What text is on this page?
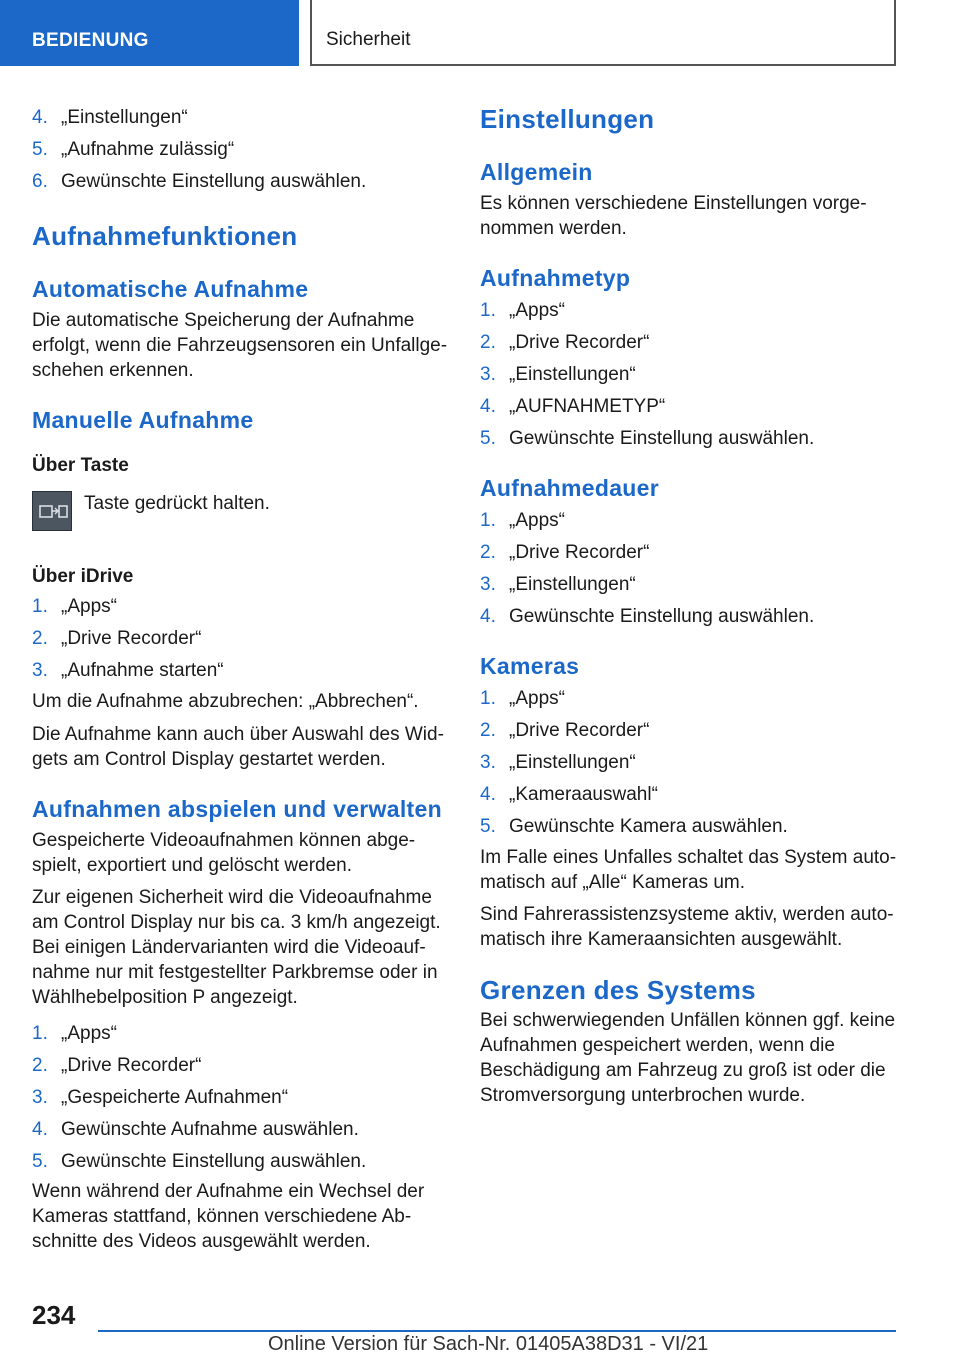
BEDIENUNG	Sicherheit
4. „Einstellungen“
5. „Aufnahme zulässig“
6. Gewünschte Einstellung auswählen.
Aufnahmefunktionen
Automatische Aufnahme

Die automatische Speicherung der Aufnahme erfolgt, wenn die Fahrzeugsensoren ein Unfallgeschehen erkennen.

Manuelle Aufnahme
Über Taste

Taste gedrückt halten.

Über iDrive
1. „Apps“
2. „Drive Recorder“
3. „Aufnahme starten“

Um die Aufnahme abzubrechen: „Abbrechen“.

Die Aufnahme kann auch über Auswahl des Widgets am Control Display gestartet werden.

Aufnahmen abspielen und verwalten

Gespeicherte Videoaufnahmen können abgespielt, exportiert und gelöscht werden.

Zur eigenen Sicherheit wird die Videoaufnahme am Control Display nur bis ca. 3 km/h angezeigt. Bei einigen Ländervarianten wird die Videoaufnahme nur mit festgestellter Parkbremse oder in Wählhebelposition P angezeigt.

1. „Apps“
2. „Drive Recorder“
3. „Gespeicherte Aufnahmen“
4. Gewünschte Aufnahme auswählen.
5. Gewünschte Einstellung auswählen.

Wenn während der Aufnahme ein Wechsel der Kameras stattfand, können verschiedene Abschnitte des Videos ausgewählt werden.

Einstellungen
Allgemein

Es können verschiedene Einstellungen vorgenommen werden.

Aufnahmetyp
1. „Apps“
2. „Drive Recorder“
3. „Einstellungen“
4. „AUFNAHMETYP“
5. Gewünschte Einstellung auswählen.
Aufnahmedauer
1. „Apps“
2. „Drive Recorder“
3. „Einstellungen“
4. Gewünschte Einstellung auswählen.
Kameras
1. „Apps“
2. „Drive Recorder“
3. „Einstellungen“
4. „Kameraauswahl“
5. Gewünschte Kamera auswählen.

Im Falle eines Unfalles schaltet das System automatisch auf „Alle“ Kameras um.

Sind Fahrerassistenzsysteme aktiv, werden automatisch ihre Kameraansichten ausgewählt.

Grenzen des Systems

Bei schwerwiegenden Unfällen können ggf. keine Aufnahmen gespeichert werden, wenn die Beschädigung am Fahrzeug zu groß ist oder die Stromversorgung unterbrochen wurde.

234
Online Version für Sach-Nr. 01405A38D31 - VI/21
